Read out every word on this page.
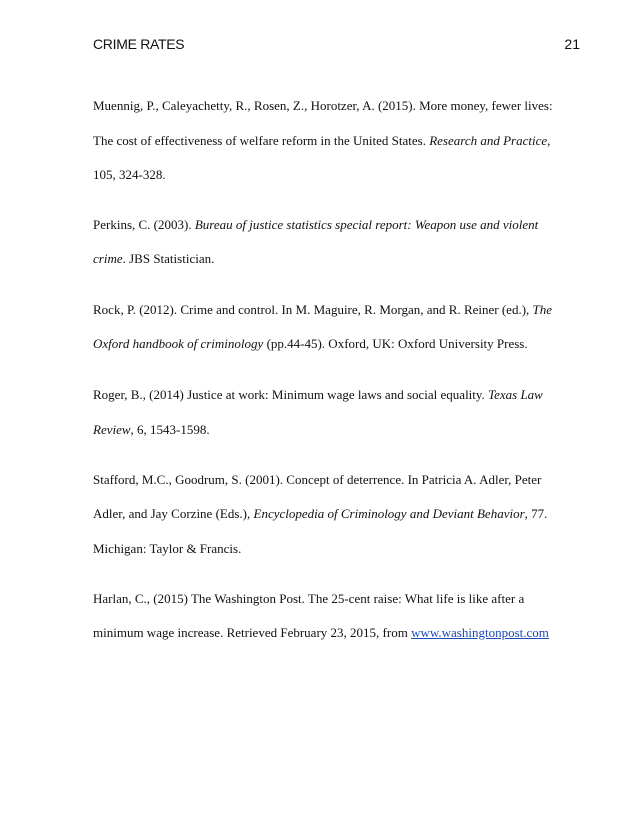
CRIME RATES	21
Muennig, P., Caleyachetty, R., Rosen, Z., Horotzer, A. (2015). More money, fewer lives:
The cost of effectiveness of welfare reform in the United States. Research and Practice,
105, 324-328.
Perkins, C. (2003). Bureau of justice statistics special report: Weapon use and violent
crime. JBS Statistician.
Rock, P. (2012). Crime and control. In M. Maguire, R. Morgan, and R. Reiner (ed.), The
Oxford handbook of criminology (pp.44-45). Oxford, UK: Oxford University Press.
Roger, B., (2014) Justice at work: Minimum wage laws and social equality. Texas Law
Review, 6, 1543-1598.
Stafford, M.C., Goodrum, S. (2001). Concept of deterrence. In Patricia A. Adler, Peter
Adler, and Jay Corzine (Eds.), Encyclopedia of Criminology and Deviant Behavior, 77.
Michigan: Taylor & Francis.
Harlan, C., (2015) The Washington Post. The 25-cent raise: What life is like after a
minimum wage increase. Retrieved February 23, 2015, from www.washingtonpost.com
